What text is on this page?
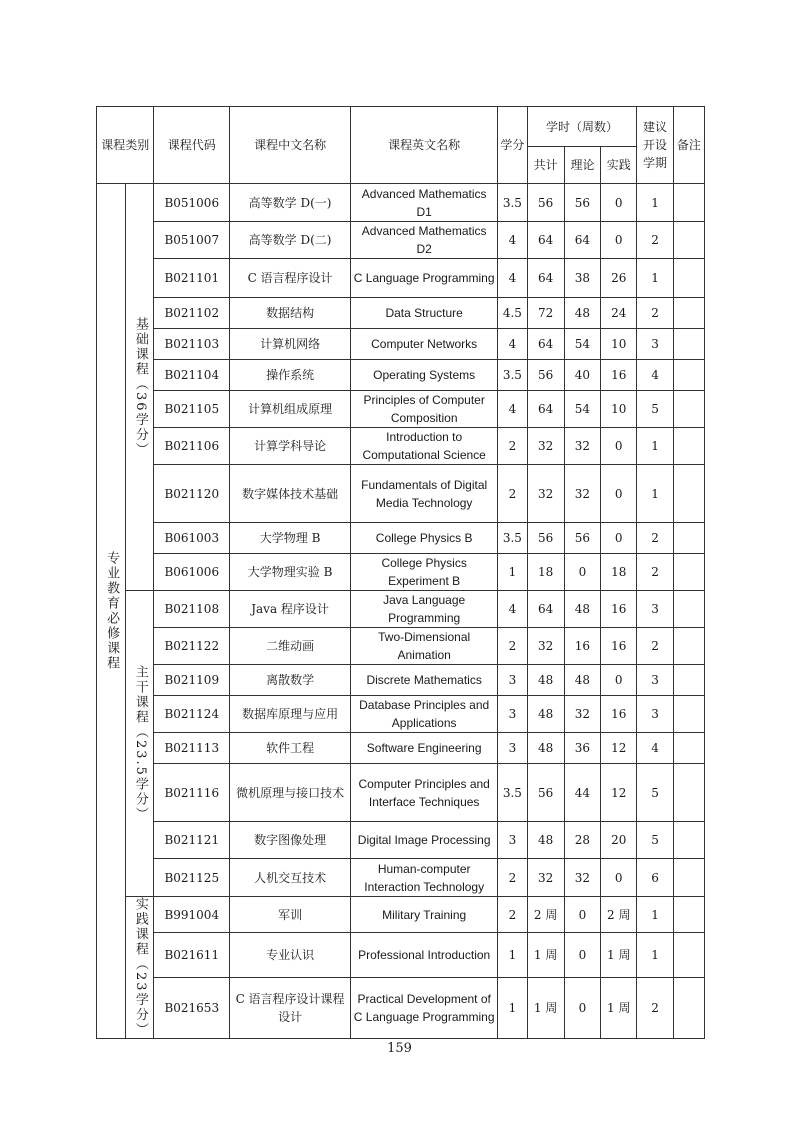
课程类别		课程代码	课程中文名称	课程英文名称	学分	学时（周数）			建议开设学期	备注
						共计	理论	实践		

专业教育必修课程	基础课程（36学分）	B051006	高等数学 D(一)	Advanced Mathematics D1	3.5	56	56	0	1	
		B051007	高等数学 D(二)	Advanced Mathematics D2	4	64	64	0	2	
		B021101	C 语言程序设计	C Language Programming	4	64	38	26	1	
		B021102	数据结构	Data Structure	4.5	72	48	24	2	
		B021103	计算机网络	Computer Networks	4	64	54	10	3	
		B021104	操作系统	Operating Systems	3.5	56	40	16	4	
		B021105	计算机组成原理	Principles of Computer Composition	4	64	54	10	5	
		B021106	计算学科导论	Introduction to Computational Science	2	32	32	0	1	
		B021120	数字媒体技术基础	Fundamentals of Digital Media Technology	2	32	32	0	1	
		B061003	大学物理 B	College Physics B	3.5	56	56	0	2	
		B061006	大学物理实验 B	College Physics Experiment B	1	18	0	18	2	

	主干课程（23.5学分）	B021108	Java 程序设计	Java Language Programming	4	64	48	16	3	
		B021122	二维动画	Two-Dimensional Animation	2	32	16	16	2	
		B021109	离散数学	Discrete Mathematics	3	48	48	0	3	
		B021124	数据库原理与应用	Database Principles and Applications	3	48	32	16	3	
		B021113	软件工程	Software Engineering	3	48	36	12	4	
		B021116	微机原理与接口技术	Computer Principles and Interface Techniques	3.5	56	44	12	5	
		B021121	数字图像处理	Digital Image Processing	3	48	28	20	5	
		B021125	人机交互技术	Human-computer Interaction Technology	2	32	32	0	6	

	实践课程（23学分）	B991004	军训	Military Training	2	2 周	0	2 周	1	
		B021611	专业认识	Professional Introduction	1	1 周	0	1 周	1	
		B021653	C 语言程序设计课程设计	Practical Development of C Language Programming	1	1 周	0	1 周	2	
159
